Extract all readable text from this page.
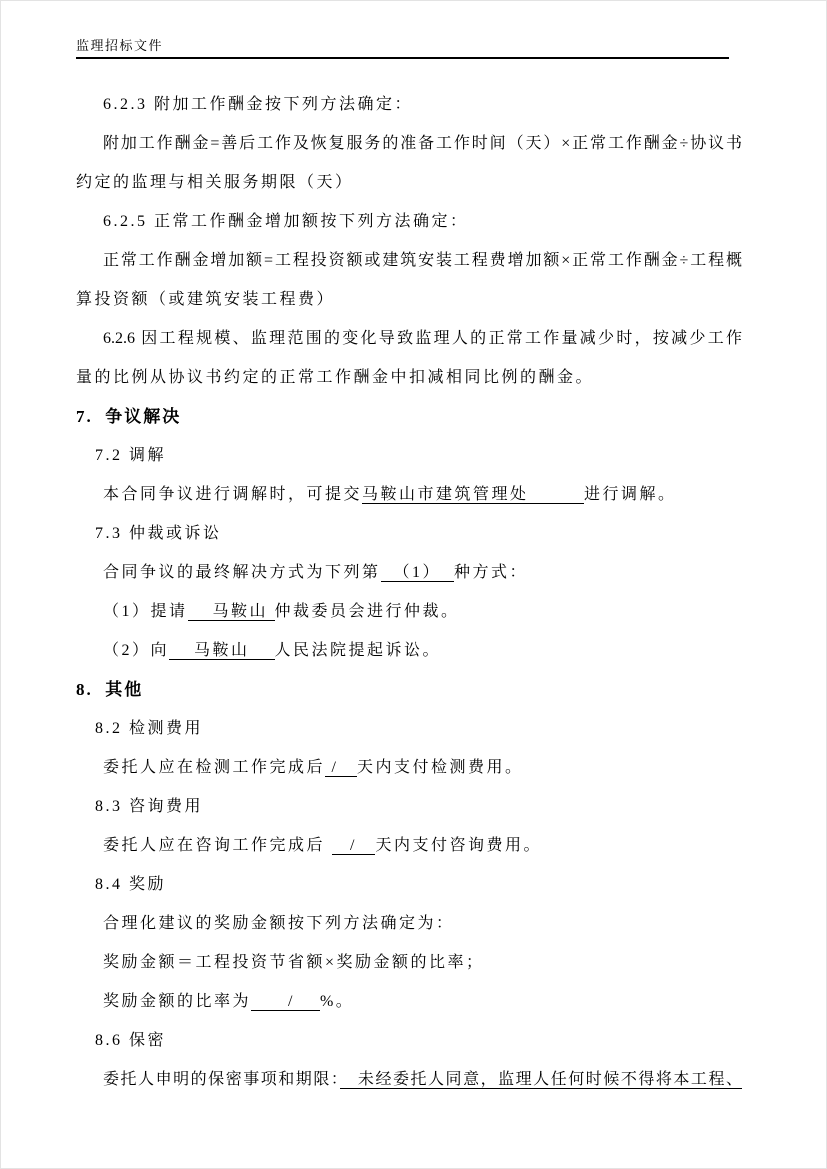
监理招标文件
6.2.3 附加工作酬金按下列方法确定：
附加工作酬金=善后工作及恢复服务的准备工作时间（天）×正常工作酬金÷协议书
约定的监理与相关服务期限（天）
6.2.5 正常工作酬金增加额按下列方法确定：
正常工作酬金增加额=工程投资额或建筑安装工程费增加额×正常工作酬金÷工程概
算投资额（或建筑安装工程费）
6.2.6 因工程规模、监理范围的变化导致监理人的正常工作量减少时，按减少工作
量的比例从协议书约定的正常工作酬金中扣减相同比例的酬金。
7.  争议解决
7.2 调解
本合同争议进行调解时，可提交马鞍山市建筑管理处　　　进行调解。
7.3 仲裁或诉讼
合同争议的最终解决方式为下列第  （1）  种方式：
（1）提请　 马鞍山 仲裁委员会进行仲裁。
（2）向　 马鞍山 　人民法院提起诉讼。
8.  其他
8.2 检测费用
委托人应在检测工作完成后 /　天内支付检测费用。
8.3 咨询费用
委托人应在咨询工作完成后 　/　天内支付咨询费用。
8.4 奖励
合理化建议的奖励金额按下列方法确定为：
奖励金额＝工程投资节省额×奖励金额的比率；
奖励金额的比率为　　/　 %。
8.6 保密
委托人申明的保密事项和期限：　未经委托人同意，监理人任何时候不得将本工程、
